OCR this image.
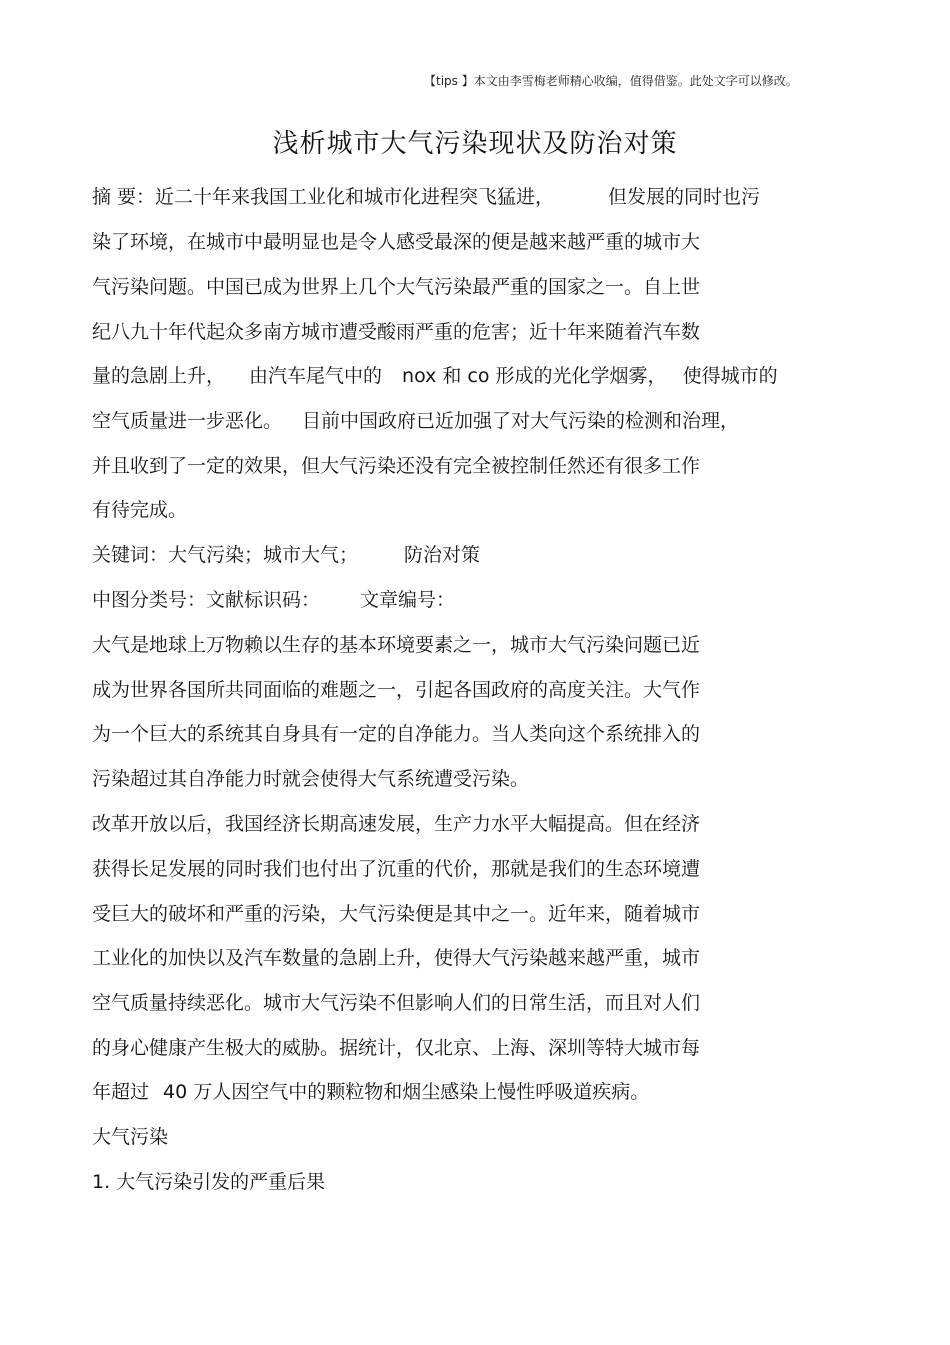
【tips 】本文由李雪梅老师精心收编，值得借鉴。此处文字可以修改。
浅析城市大气污染现状及防治对策
摘 要：近二十年来我国工业化和城市化进程突飞猛进，	但发展的同时也污
染了环境，在城市中最明显也是令人感受最深的便是越来越严重的城市大
气污染问题。中国已成为世界上几个大气污染最严重的国家之一。自上世
纪八九十年代起众多南方城市遭受酸雨严重的危害；近十年来随着汽车数
量的急剧上升， 由汽车尾气中的 nox 和 co 形成的光化学烟雾， 使得城市的
空气质量进一步恶化。 目前中国政府已近加强了对大气污染的检测和治理，
并且收到了一定的效果，但大气污染还没有完全被控制任然还有很多工作
有待完成。
关键词：大气污染；城市大气； 防治对策
中图分类号：文献标识码： 文章编号：
大气是地球上万物赖以生存的基本环境要素之一，城市大气污染问题已近
成为世界各国所共同面临的难题之一，引起各国政府的高度关注。大气作
为一个巨大的系统其自身具有一定的自净能力。当人类向这个系统排入的
污染超过其自净能力时就会使得大气系统遭受污染。
改革开放以后，我国经济长期高速发展，生产力水平大幅提高。但在经济
获得长足发展的同时我们也付出了沉重的代价，那就是我们的生态环境遭
受巨大的破坏和严重的污染，大气污染便是其中之一。近年来，随着城市
工业化的加快以及汽车数量的急剧上升，使得大气污染越来越严重，城市
空气质量持续恶化。城市大气污染不但影响人们的日常生活，而且对人们
的身心健康产生极大的威胁。据统计，仅北京、上海、深圳等特大城市每
年超过 40 万人因空气中的颗粒物和烟尘感染上慢性呼吸道疾病。
大气污染
1. 大气污染引发的严重后果
